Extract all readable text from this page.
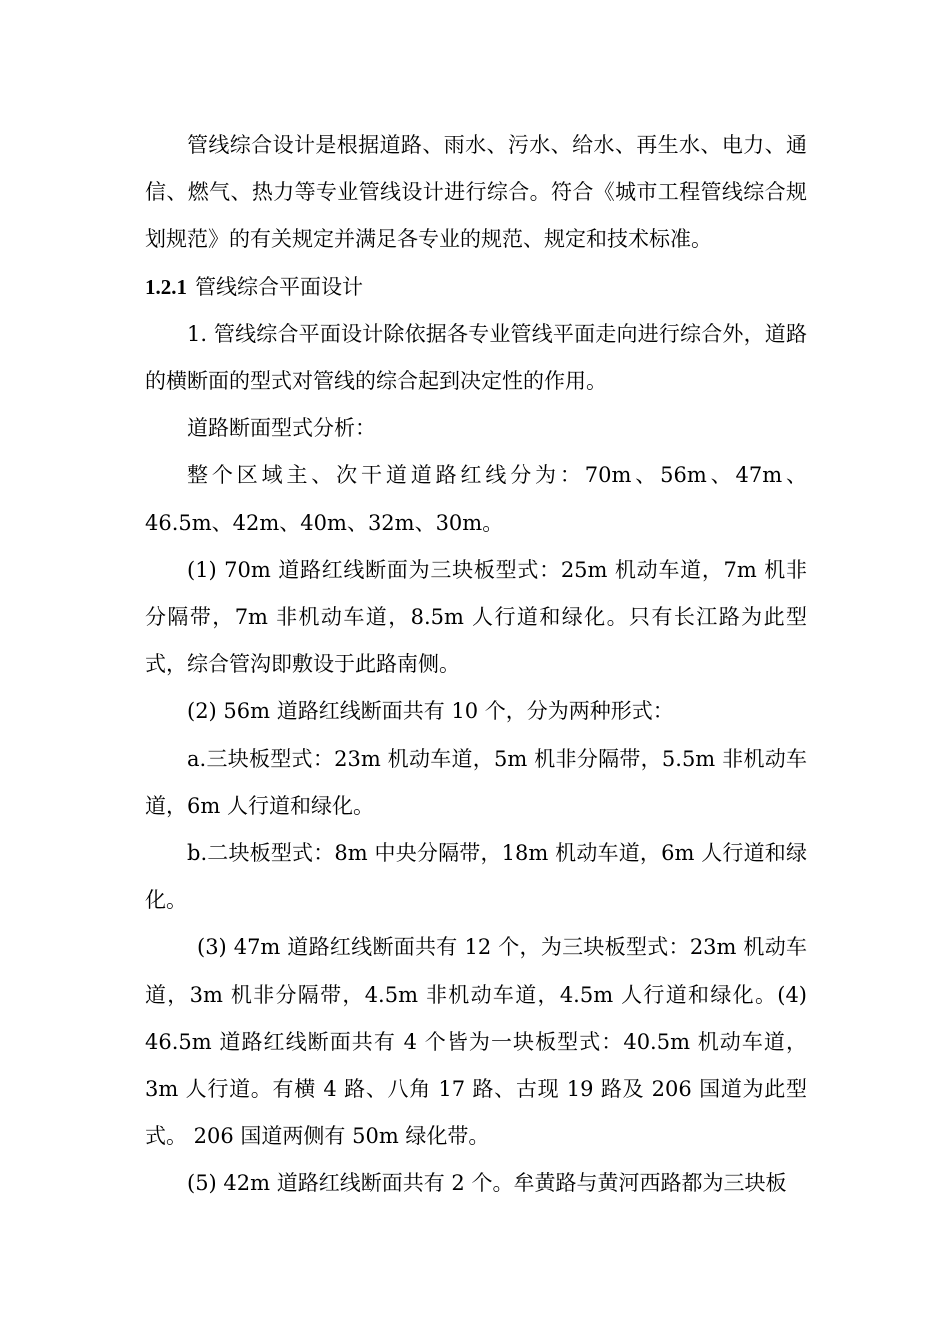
管线综合设计是根据道路、雨水、污水、给水、再生水、电力、通信、燃气、热力等专业管线设计进行综合。符合《城市工程管线综合规划规范》的有关规定并满足各专业的规范、规定和技术标准。

1.2.1 管线综合平面设计

1. 管线综合平面设计除依据各专业管线平面走向进行综合外，道路的横断面的型式对管线的综合起到决定性的作用。

道路断面型式分析：

整个区域主、次干道道路红线分为：70m、56m、47m、46.5m、42m、40m、32m、30m。

(1) 70m 道路红线断面为三块板型式：25m 机动车道，7m 机非分隔带，7m 非机动车道，8.5m 人行道和绿化。只有长江路为此型式，综合管沟即敷设于此路南侧。

(2) 56m 道路红线断面共有 10 个，分为两种形式：

a.三块板型式：23m 机动车道，5m 机非分隔带，5.5m 非机动车道，6m 人行道和绿化。

b.二块板型式：8m 中央分隔带，18m 机动车道，6m 人行道和绿化。

(3) 47m 道路红线断面共有 12 个，为三块板型式：23m 机动车道，3m 机非分隔带，4.5m 非机动车道，4.5m 人行道和绿化。(4) 46.5m 道路红线断面共有 4 个皆为一块板型式：40.5m 机动车道， 3m 人行道。有横 4 路、八角 17 路、古现 19 路及 206 国道为此型式。 206 国道两侧有 50m 绿化带。

(5) 42m 道路红线断面共有 2 个。牟黄路与黄河西路都为三块板
